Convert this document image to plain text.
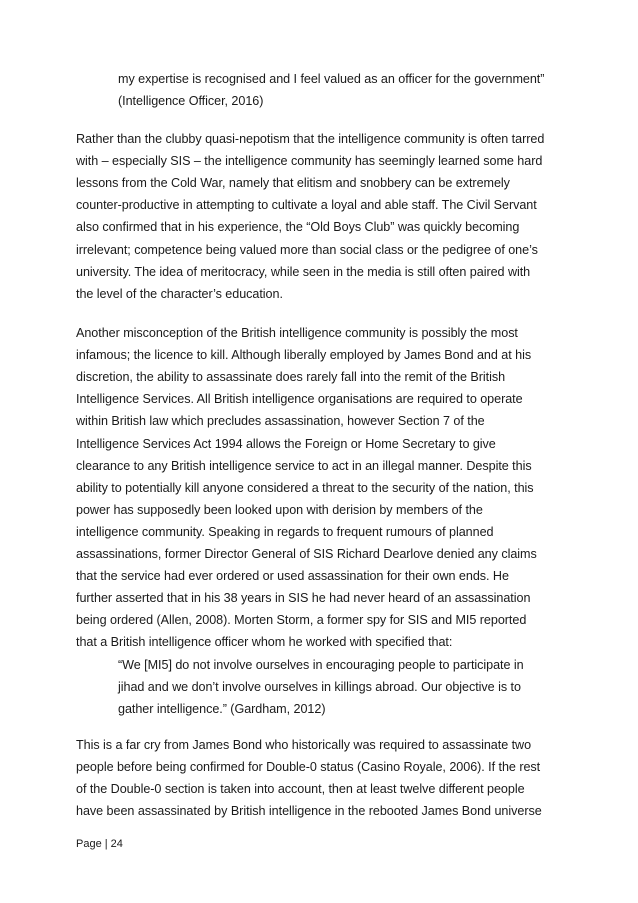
my expertise is recognised and I feel valued as an officer for the government”
(Intelligence Officer, 2016)
Rather than the clubby quasi-nepotism that the intelligence community is often tarred
with – especially SIS – the intelligence community has seemingly learned some hard
lessons from the Cold War, namely that elitism and snobbery can be extremely
counter-productive in attempting to cultivate a loyal and able staff. The Civil Servant
also confirmed that in his experience, the “Old Boys Club” was quickly becoming
irrelevant; competence being valued more than social class or the pedigree of one’s
university. The idea of meritocracy, while seen in the media is still often paired with
the level of the character’s education.
Another misconception of the British intelligence community is possibly the most
infamous; the licence to kill. Although liberally employed by James Bond and at his
discretion, the ability to assassinate does rarely fall into the remit of the British
Intelligence Services. All British intelligence organisations are required to operate
within British law which precludes assassination, however Section 7 of the
Intelligence Services Act 1994 allows the Foreign or Home Secretary to give
clearance to any British intelligence service to act in an illegal manner. Despite this
ability to potentially kill anyone considered a threat to the security of the nation, this
power has supposedly been looked upon with derision by members of the
intelligence community. Speaking in regards to frequent rumours of planned
assassinations, former Director General of SIS Richard Dearlove denied any claims
that the service had ever ordered or used assassination for their own ends. He
further asserted that in his 38 years in SIS he had never heard of an assassination
being ordered (Allen, 2008). Morten Storm, a former spy for SIS and MI5 reported
that a British intelligence officer whom he worked with specified that:
“We [MI5] do not involve ourselves in encouraging people to participate in
jihad and we don’t involve ourselves in killings abroad. Our objective is to
gather intelligence.” (Gardham, 2012)
This is a far cry from James Bond who historically was required to assassinate two
people before being confirmed for Double-0 status (Casino Royale, 2006). If the rest
of the Double-0 section is taken into account, then at least twelve different people
have been assassinated by British intelligence in the rebooted James Bond universe
Page | 24
